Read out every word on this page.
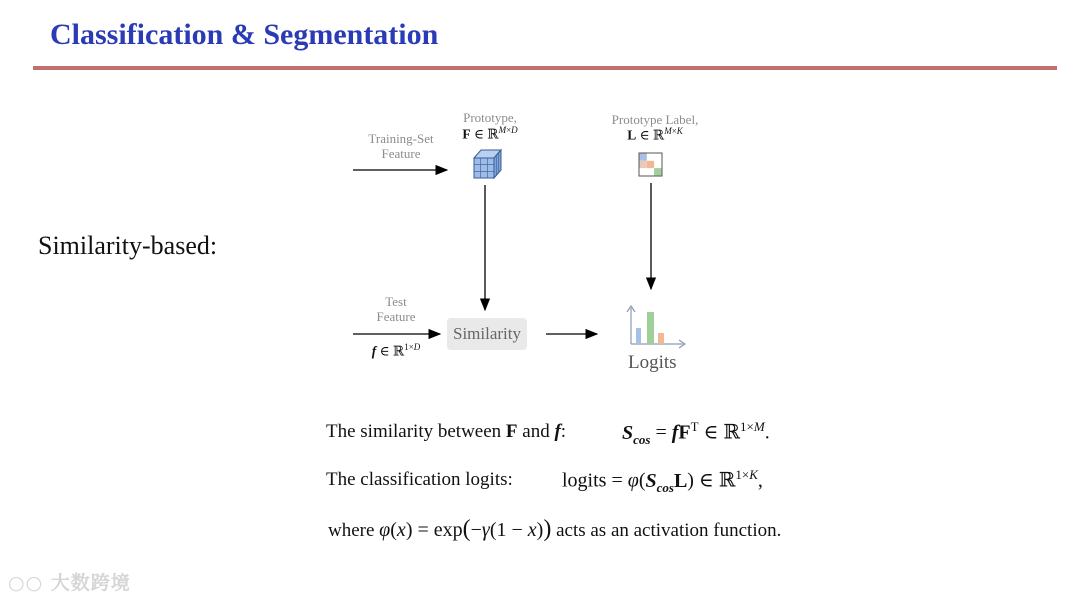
Classification & Segmentation
Similarity-based:
Training-Set
Feature
Prototype,
F ∈ ℝ$^{M\times D}$
Prototype Label,
L ∈ ℝ$^{M\times K}$
Test
Feature
f ∈ ℝ$^{1\times D}$
Similarity
Logits
The similarity between F and f:	$S_{cos} = fF^T$ ∈ ℝ$^{1\times M}$.
The classification logits: logits = $\varphi(S_{cos}L)$ ∈ ℝ$^{1\times K}$,
where φ(x) = exp(−γ(1 − x)) acts as an activation function.
○○ 大数跨境
